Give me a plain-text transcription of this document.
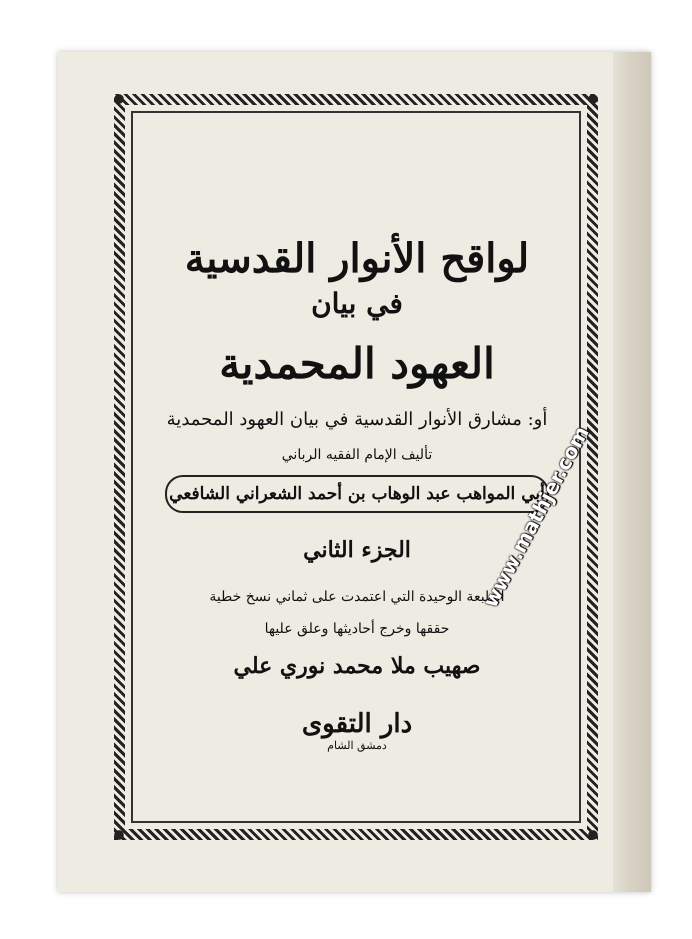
لواقح الأنوار القدسية
في بيان
العهود المحمدية
أو: مشارق الأنوار القدسية في بيان العهود المحمدية
تأليف الإمام الفقيه الرباني
أبي المواهب عبد الوهاب بن أحمد الشعراني الشافعي
الجزء الثاني
الطبعة الوحيدة التي اعتمدت على ثماني نسخ خطية
حققها وخرج أحاديثها وعلق عليها
صهيب ملا محمد نوري علي
دار التقوى
دمشق الشام
www.mathjer.com
